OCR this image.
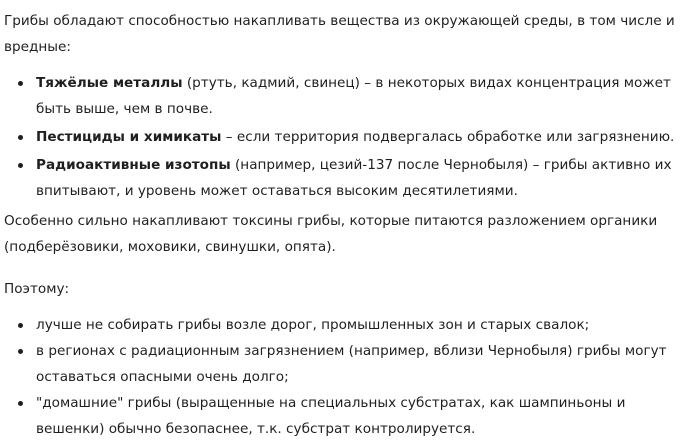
Грибы обладают способностью накапливать вещества из окружающей среды, в том числе и вредные:

Тяжёлые металлы (ртуть, кадмий, свинец) – в некоторых видах концентрация может быть выше, чем в почве.
Пестициды и химикаты – если территория подвергалась обработке или загрязнению.
Радиоактивные изотопы (например, цезий-137 после Чернобыля) – грибы активно их впитывают, и уровень может оставаться высоким десятилетиями.

Особенно сильно накапливают токсины грибы, которые питаются разложением органики (подберёзовики, моховики, свинушки, опята).

Поэтому:

лучше не собирать грибы возле дорог, промышленных зон и старых свалок;
в регионах с радиационным загрязнением (например, вблизи Чернобыля) грибы могут оставаться опасными очень долго;
"домашние" грибы (выращенные на специальных субстратах, как шампиньоны и вешенки) обычно безопаснее, т.к. субстрат контролируется.
